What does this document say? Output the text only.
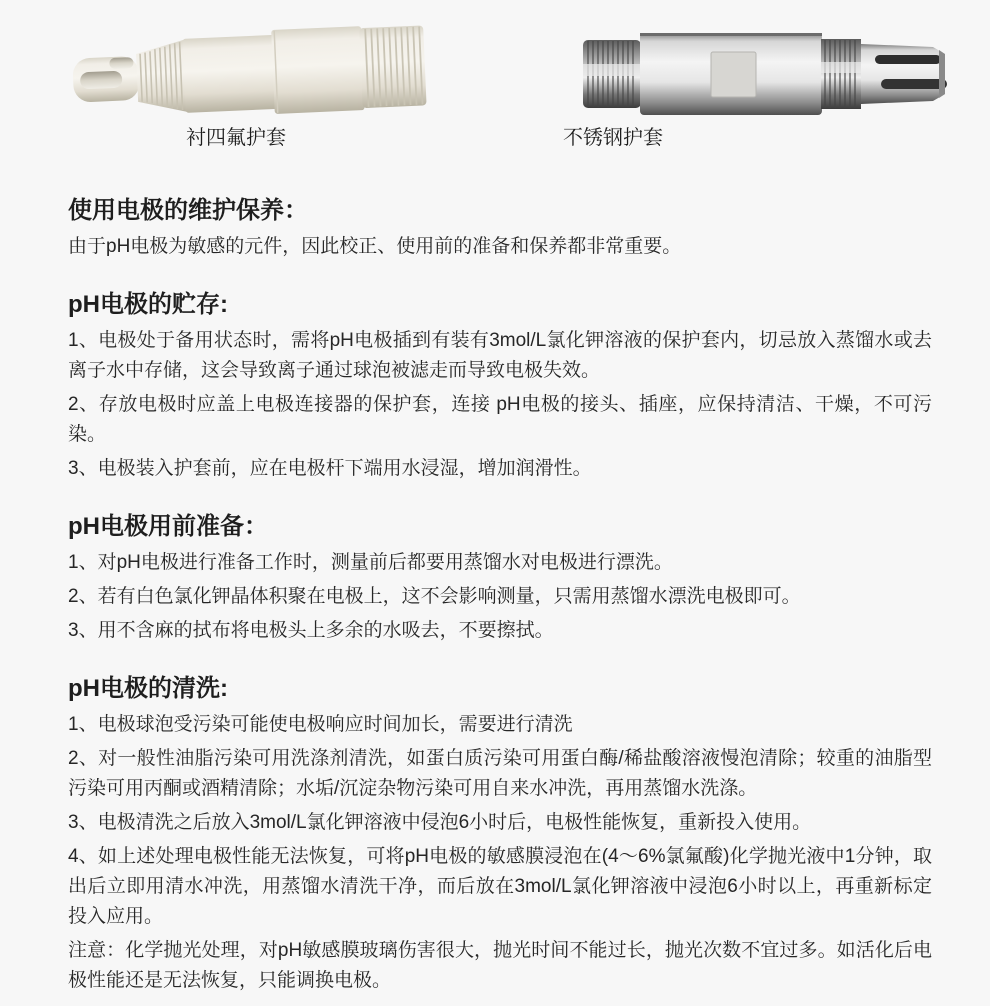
衬四氟护套	不锈钢护套
使用电极的维护保养：

由于pH电极为敏感的元件，因此校正、使用前的准备和保养都非常重要。

pH电极的贮存:

1、电极处于备用状态时，需将pH电极插到有装有3mol/L氯化钾溶液的保护套内，切忌放入蒸馏水或去离子水中存储，这会导致离子通过球泡被滤走而导致电极失效。

2、存放电极时应盖上电极连接器的保护套，连接 pH电极的接头、插座，应保持清洁、干燥，不可污染。

3、电极装入护套前，应在电极杆下端用水浸湿，增加润滑性。

pH电极用前准备：

1、对pH电极进行准备工作时，测量前后都要用蒸馏水对电极进行漂洗。

2、若有白色氯化钾晶体积聚在电极上，这不会影响测量，只需用蒸馏水漂洗电极即可。

3、用不含麻的拭布将电极头上多余的水吸去，不要擦拭。

pH电极的清洗:

1、电极球泡受污染可能使电极响应时间加长，需要进行清洗

2、对一般性油脂污染可用洗涤剂清洗，如蛋白质污染可用蛋白酶/稀盐酸溶液慢泡清除；较重的油脂型污染可用丙酮或酒精清除；水垢/沉淀杂物污染可用自来水冲洗，再用蒸馏水洗涤。

3、电极清洗之后放入3mol/L氯化钾溶液中侵泡6小时后，电极性能恢复，重新投入使用。

4、如上述处理电极性能无法恢复，可将pH电极的敏感膜浸泡在(4～6%氯氟酸)化学抛光液中1分钟，取出后立即用清水冲洗，用蒸馏水清洗干净，而后放在3mol/L氯化钾溶液中浸泡6小时以上，再重新标定投入应用。

注意：化学抛光处理，对pH敏感膜玻璃伤害很大，抛光时间不能过长，抛光次数不宜过多。如活化后电极性能还是无法恢复，只能调换电极。
